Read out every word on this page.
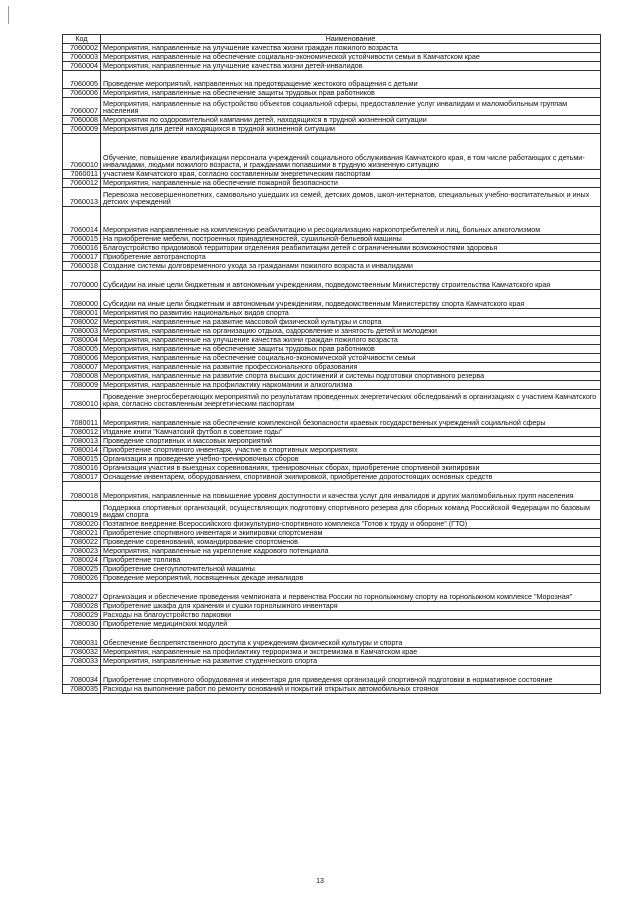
Код	Наименование
7060002	Мероприятия, направленные на улучшение качества жизни граждан пожилого возраста
7060003	Мероприятия, направленные на обеспечение социально-экономической устойчивости семьи в Камчатском крае
7060004	Мероприятия, направленные на улучшение качества жизни детей-инвалидов
7060005	Проведение мероприятий, направленных на предотвращение жестокого обращения с детьми
7060006	Мероприятия, направленные на обеспечение защиты трудовых прав работников
7060007	Мероприятия, направленные на обустройство объектов социальной сферы, предоставление услуг инвалидам и маломобильным группам населения
7060008	Мероприятия по оздоровительной кампании детей, находящихся в трудной жизненной ситуации
7060009	Мероприятия для детей находящихся в трудной жизненной ситуации
7060010	Обучение, повышение квалификации персонала учреждений социального обслуживания Камчатского края, в том числе работающих с детьми-инвалидами, людьми пожилого возраста, и гражданами попавшими в трудную жизненную ситуацию
7060011	участием Камчатского края, согласно составленным энергетическим паспортам
7060012	Мероприятия, направленные на обеспечение пожарной безопасности
7060013	Перевозка несовершеннолетних, самовольно ушедших из семей, детских домов, школ-интернатов, специальных учебно-воспитательных и иных детских учреждений
7060014	Мероприятия направленные на комплексную реабилитацию и ресоциализацию наркопотребителей и лиц, больных алкоголизмом
7060015	На приобретение мебели, построенных принадлежностей, сушильной-бельевой машины
7060016	Благоустройство придомовой территории отделения реабилитации детей с ограниченными возможностями здоровья
7060017	Приобретение автотранспорта
7060018	Создание системы долговременного ухода за гражданами пожилого возраста и инвалидами
7070000	Субсидии на иные цели бюджетным и автономным учреждениям, подведомственным Министерству строительства Камчатского края
7080000	Субсидии на иные цели бюджетным и автономным учреждениям, подведомственным Министерству спорта Камчатского края
7080001	Мероприятия по развитию национальных видов спорта
7080002	Мероприятия, направленные на развитие массовой физической культуры и спорта
7080003	Мероприятия, направленные на организацию отдыха, оздоровление и занятость детей и молодежи
7080004	Мероприятия, направленные на улучшение качества жизни граждан пожилого возраста
7080005	Мероприятия, направленные на обеспечение защиты трудовых прав работников
7080006	Мероприятия, направленные на обеспечение социально-экономической устойчивости семьи
7080007	Мероприятия, направленные на развитие профессионального образования
7080008	Мероприятия, направленные на развитие спорта высших достижений и системы подготовки спортивного резерва
7080009	Мероприятия, направленные на профилактику наркомании и алкоголизма
7080010	Проведение энергосберегающих мероприятий по результатам проведенных энергетических обследований в организациях с участием Камчатского края, согласно составленным энергетическим паспортам
7080011	Мероприятия, направленные на обеспечение комплексной безопасности краевых государственных учреждений социальной сферы
7080012	Издание книги "Камчатский футбол в советские годы"
7080013	Проведение спортивных и массовых мероприятий
7080014	Приобретение спортивного инвентаря, участие в спортивных мероприятиях
7080015	Организация и проведение учебно-тренировочных сборов
7080016	Организация участия в выездных соревнованиях, тренировочных сборах, приобретение спортивной экипировки
7080017	Оснащение инвентарем, оборудованием, спортивной экипировкой, приобретение дорогостоящих основных средств
7080018	Мероприятия, направленные на повышение уровня доступности и качества услуг для инвалидов и других маломобильных групп населения
7080019	Поддержка спортивных организаций, осуществляющих подготовку спортивного резерва для сборных команд Российской Федерации по базовым видам спорта
7080020	Поэтапное внедрение Всероссийского физкультурно-спортивного комплекса "Готов к труду и обороне" (ГТО)
7080021	Приобретение спортивного инвентаря и экипировки спортсменам
7080022	Проведение соревнований, командирование спортсменов
7080023	Мероприятия, направленные на укрепление кадрового потенциала
7080024	Приобретение топлива
7080025	Приобретение снегоуплотнительной машины
7080026	Проведение мероприятий, посвященных декаде инвалидов
7080027	Организация и обеспечение проведения чемпионата и первенства России по горнолыжному спорту на горнолыжном комплексе "Морозная"
7080028	Приобретение шкафа для хранения и сушки горнолыжного инвентаря
7080029	Расходы на благоустройство парковки
7080030	Приобретение медицинских модулей
7080031	Обеспечение беспрепятственного доступа к учреждениям физической культуры и спорта
7080032	Мероприятия, направленные на профилактику терроризма и экстремизма в Камчатском крае
7080033	Мероприятия, направленные на развитие студенческого спорта
7080034	Приобретение спортивного оборудования и инвентаря для приведения организаций спортивной подготовки в нормативное состояние
7080035	Расходы на выполнение работ по ремонту оснований и покрытий открытых автомобильных стоянок
13
